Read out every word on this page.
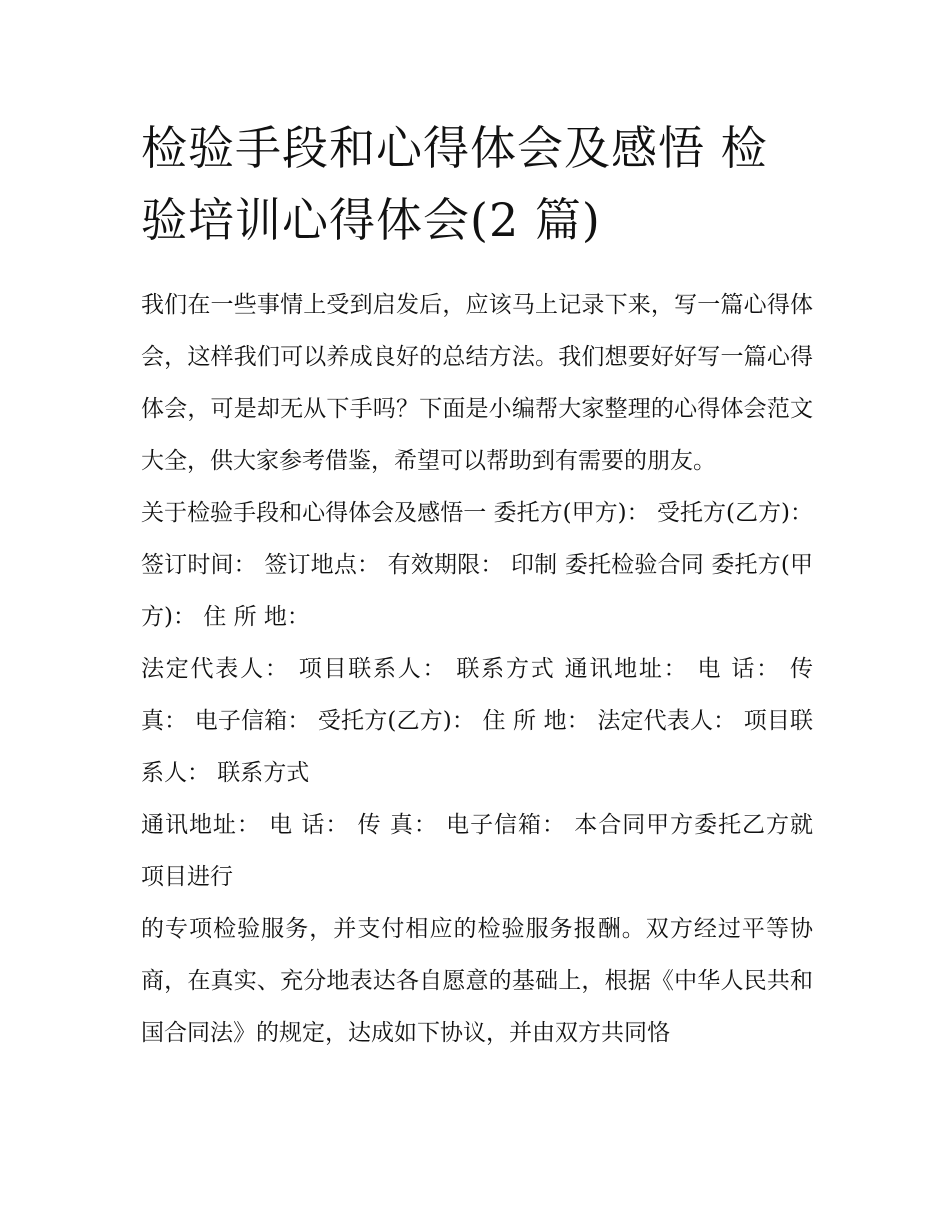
检验手段和心得体会及感悟 检
验培训心得体会(2 篇)

我们在一些事情上受到启发后，应该马上记录下来，写一篇心得体会，这样我们可以养成良好的总结方法。我们想要好好写一篇心得体会，可是却无从下手吗？下面是小编帮大家整理的心得体会范文大全，供大家参考借鉴，希望可以帮助到有需要的朋友。

关于检验手段和心得体会及感悟一 委托方(甲方)： 受托方(乙方)： 签订时间： 签订地点： 有效期限： 印制 委托检验合同 委托方(甲方)： 住 所 地：

法定代表人： 项目联系人： 联系方式 通讯地址： 电 话： 传 真： 电子信箱： 受托方(乙方)： 住 所 地： 法定代表人： 项目联系人： 联系方式

通讯地址： 电 话： 传 真： 电子信箱： 本合同甲方委托乙方就 项目进行

的专项检验服务，并支付相应的检验服务报酬。双方经过平等协商，在真实、充分地表达各自愿意的基础上，根据《中华人民共和国合同法》的规定，达成如下协议，并由双方共同恪
